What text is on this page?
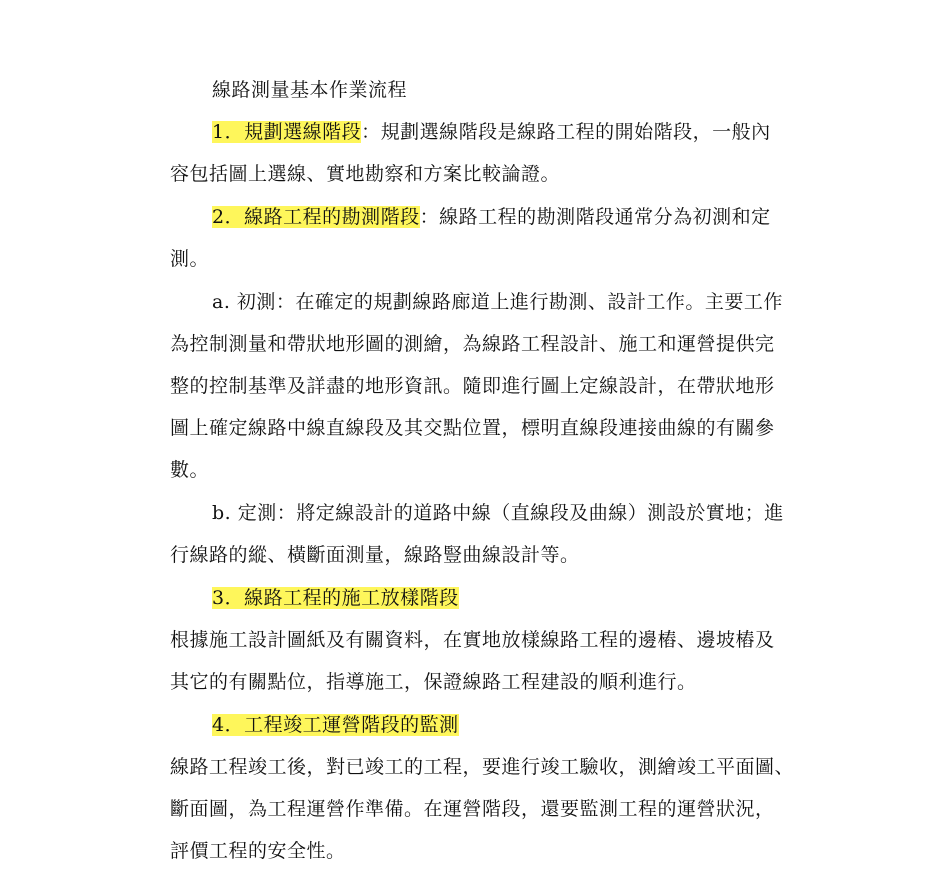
線路測量基本作業流程
1．規劃選線階段：規劃選線階段是線路工程的開始階段，一般內
容包括圖上選線、實地勘察和方案比較論證。
2．線路工程的勘測階段：線路工程的勘測階段通常分為初測和定
測。
a. 初測：在確定的規劃線路廊道上進行勘測、設計工作。主要工作
為控制測量和帶狀地形圖的測繪，為線路工程設計、施工和運營提供完
整的控制基準及詳盡的地形資訊。隨即進行圖上定線設計，在帶狀地形
圖上確定線路中線直線段及其交點位置，標明直線段連接曲線的有關參
數。
b. 定測：將定線設計的道路中線（直線段及曲線）測設於實地；進
行線路的縱、橫斷面測量，線路豎曲線設計等。
3．線路工程的施工放樣階段
根據施工設計圖紙及有關資料，在實地放樣線路工程的邊樁、邊坡樁及
其它的有關點位，指導施工，保證線路工程建設的順利進行。
4．工程竣工運營階段的監測
線路工程竣工後，對已竣工的工程，要進行竣工驗收，測繪竣工平面圖、
斷面圖，為工程運營作準備。在運營階段，還要監測工程的運營狀況，
評價工程的安全性。
